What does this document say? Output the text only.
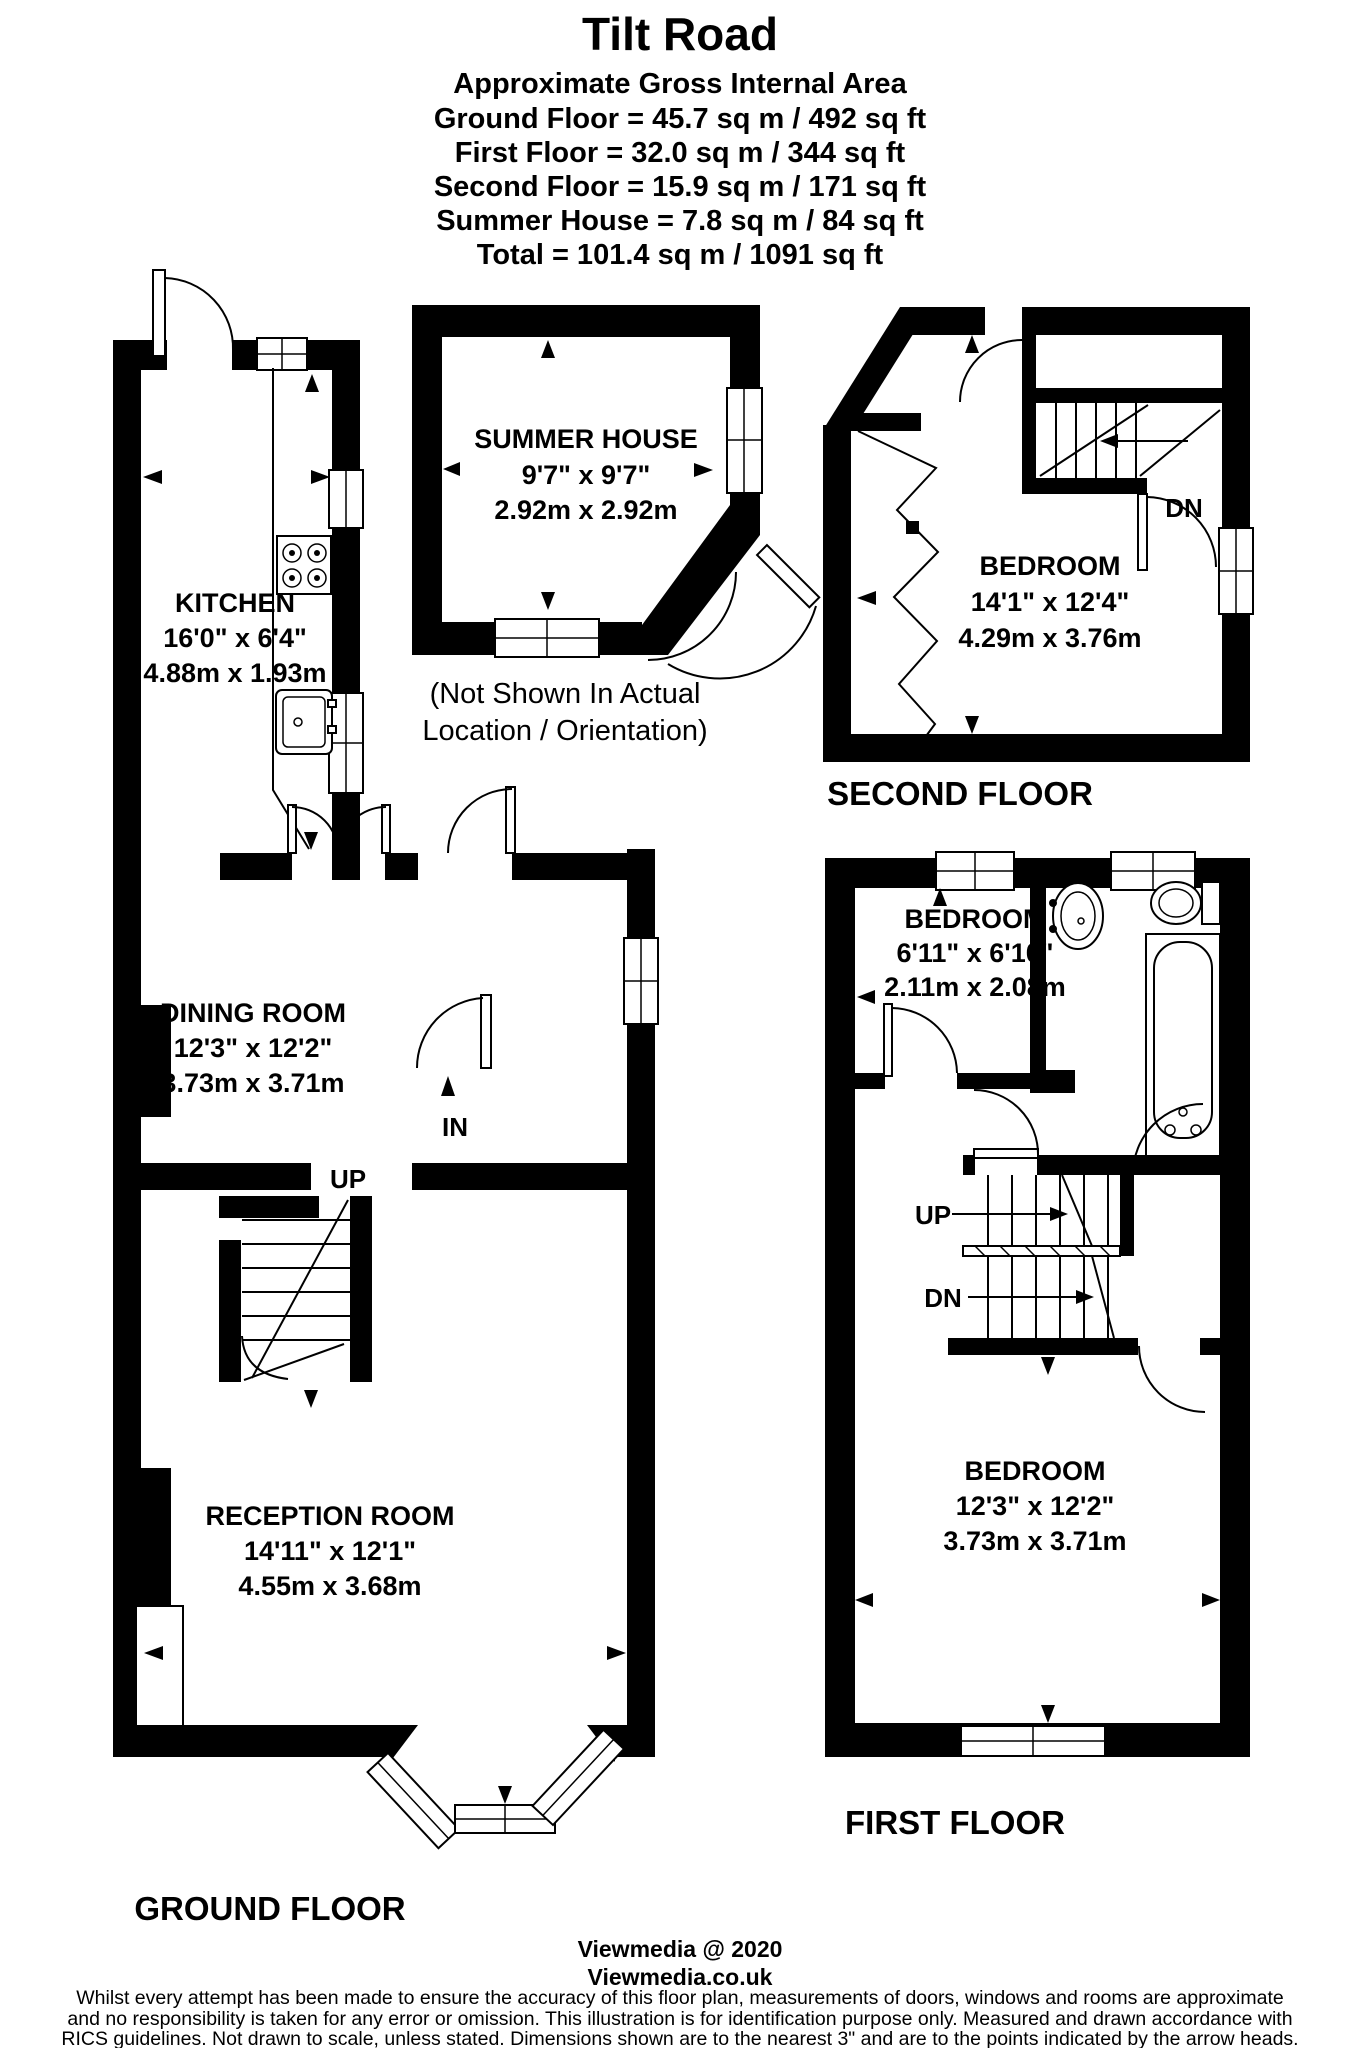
Tilt Road
Approximate Gross Internal Area
Ground Floor = 45.7 sq m / 492 sq ft
First Floor = 32.0 sq m / 344 sq ft
Second Floor = 15.9 sq m / 171 sq ft
Summer House = 7.8 sq m / 84 sq ft
Total = 101.4 sq m / 1091 sq ft
KITCHEN
16'0" x 6'4"
4.88m x 1.93m
IN
DINING ROOM
12'3" x 12'2"
3.73m x 3.71m
UP
RECEPTION ROOM
14'11" x 12'1"
4.55m x 3.68m
GROUND FLOOR
SUMMER HOUSE
9'7" x 9'7"
2.92m x 2.92m
(Not Shown In Actual
Location / Orientation)
DN
BEDROOM
14'1" x 12'4"
4.29m x 3.76m
SECOND FLOOR
BEDROOM
6'11" x 6'10"
2.11m x 2.08m
UP
DN
BEDROOM
12'3" x 12'2"
3.73m x 3.71m
FIRST FLOOR
Viewmedia @ 2020
Viewmedia.co.uk
Whilst every attempt has been made to ensure the accuracy of this floor plan, measurements of doors, windows and rooms are approximate
and no responsibility is taken for any error or omission. This illustration is for identification purpose only. Measured and drawn accordance with
RICS guidelines. Not drawn to scale, unless stated. Dimensions shown are to the nearest 3" and are to the points indicated by the arrow heads.
